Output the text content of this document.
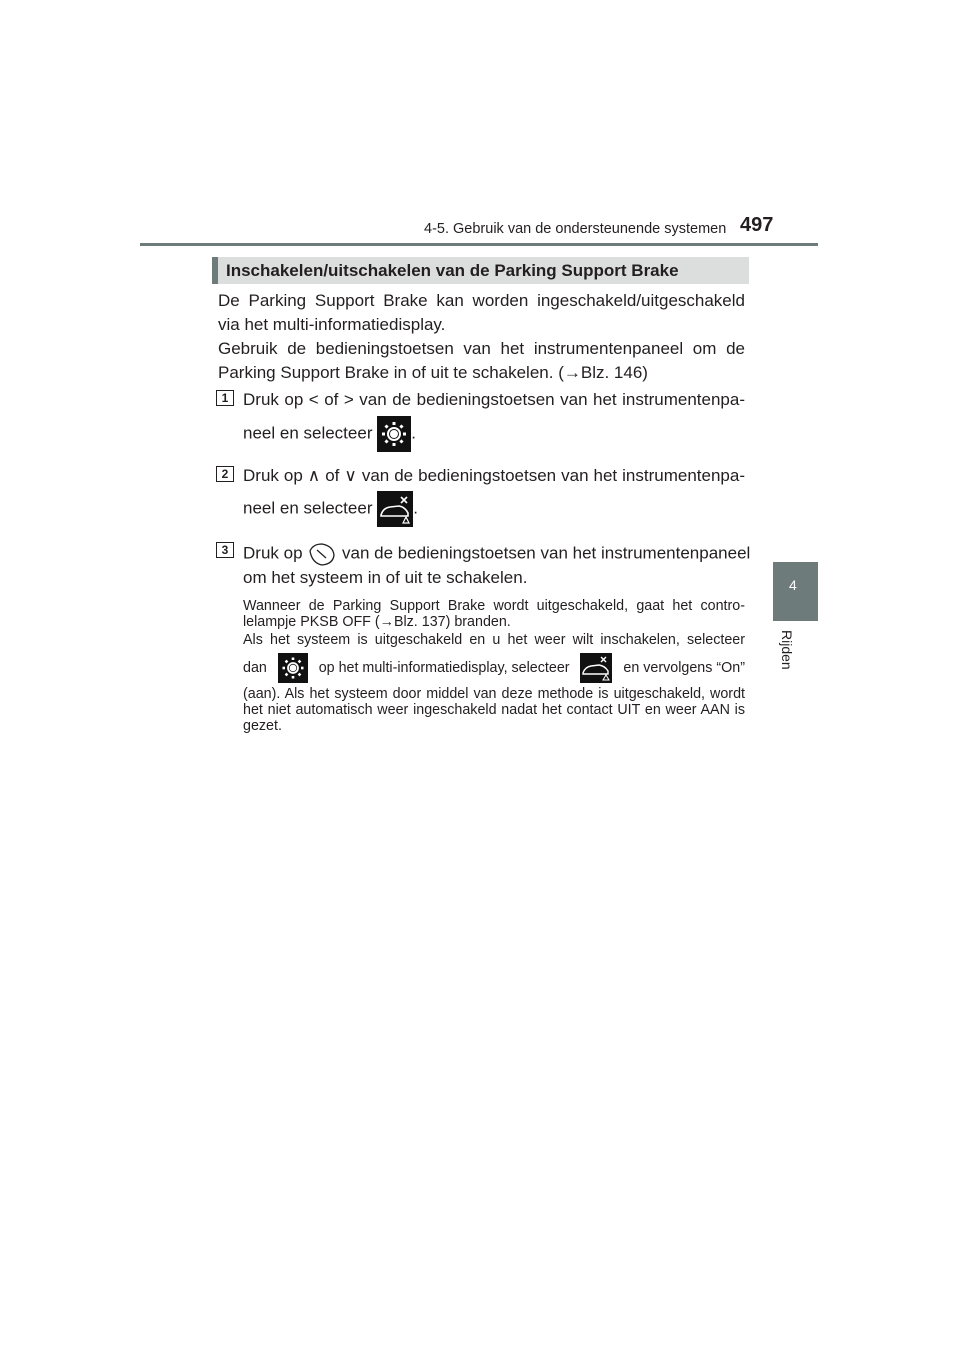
4-5. Gebruik van de ondersteunende systemen 497
4
Rijden
Inschakelen/uitschakelen van de Parking Support Brake

De Parking Support Brake kan worden ingeschakeld/uitgeschakeld via het multi-informatiedisplay.

Gebruik de bedieningstoetsen van het instrumentenpaneel om de Parking Support Brake in of uit te schakelen. (→Blz. 146)

1 Druk op < of > van de bedieningstoetsen van het instrumentenpa-
neel en selecteer .
2 Druk op ∧ of ∨ van de bedieningstoetsen van het instrumentenpa-
neel en selecteer .
3 Druk op van de bedieningstoetsen van het instrumentenpaneel
om het systeem in of uit te schakelen.
Wanneer de Parking Support Brake wordt uitgeschakeld, gaat het contro-lelampje PKSB OFF (→Blz. 137) branden.
Als het systeem is uitgeschakeld en u het weer wilt inschakelen, selecteer
dan	op het multi-informatiedisplay, selecteer	en vervolgens “On”
(aan). Als het systeem door middel van deze methode is uitgeschakeld, wordt het niet automatisch weer ingeschakeld nadat het contact UIT en weer AAN is gezet.
